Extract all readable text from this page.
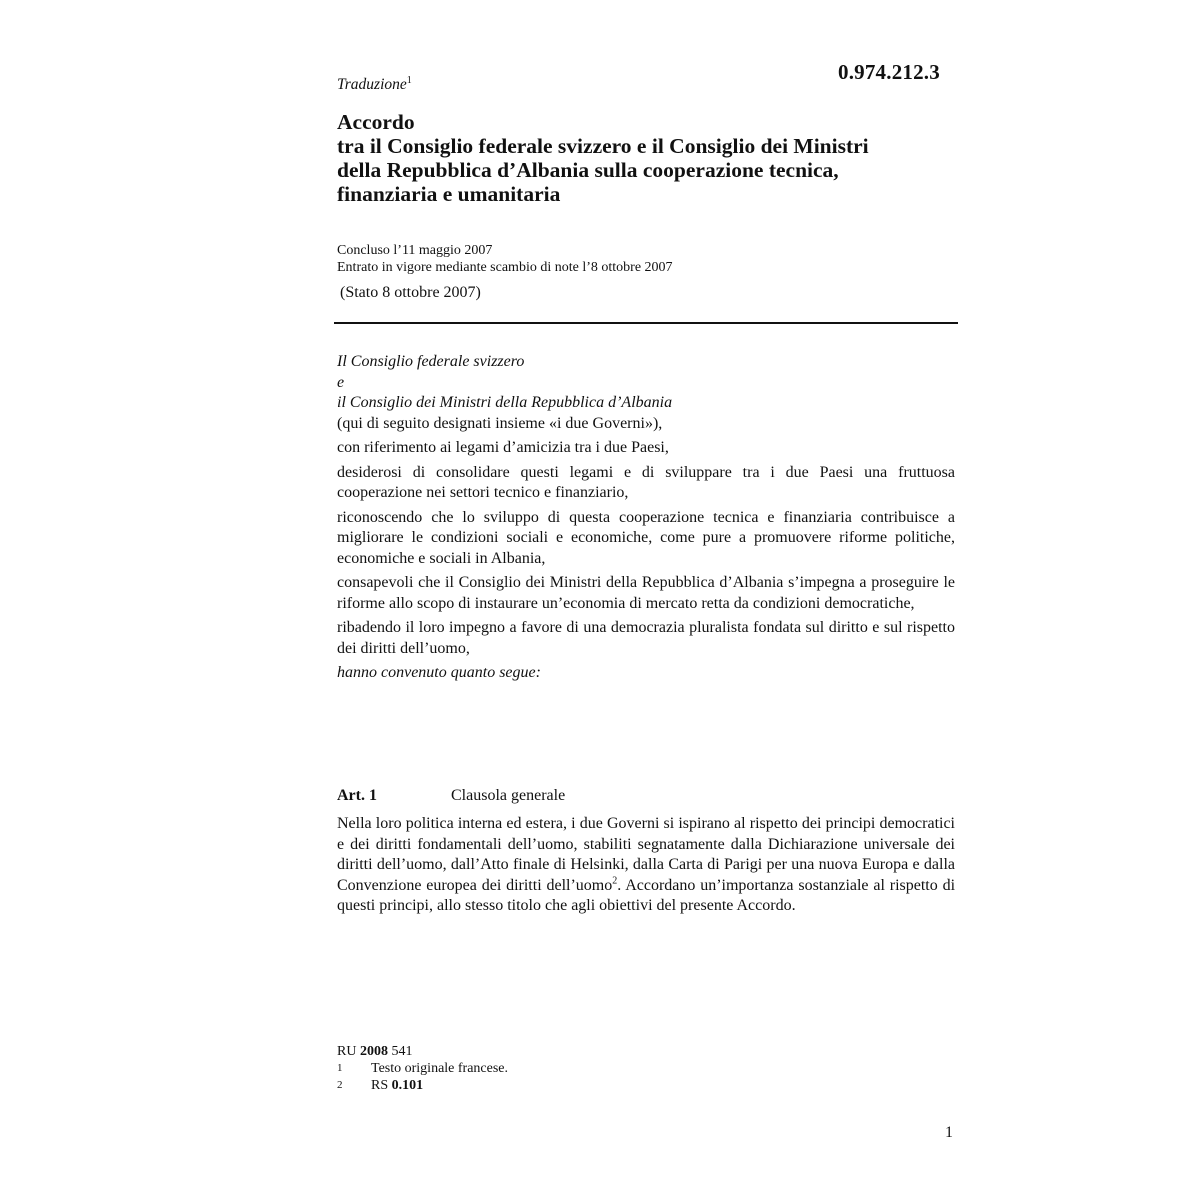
0.974.212.3
Traduzione$^1$
Accordo
tra il Consiglio federale svizzero e il Consiglio dei Ministri
della Repubblica d’Albania sulla cooperazione tecnica,
finanziaria e umanitaria
Concluso l’11 maggio 2007
Entrato in vigore mediante scambio di note l’8 ottobre 2007
(Stato 8 ottobre 2007)
Il Consiglio federale svizzero
e
il Consiglio dei Ministri della Repubblica d’Albania
(qui di seguito designati insieme «i due Governi»),
con riferimento ai legami d’amicizia tra i due Paesi,
desiderosi di consolidare questi legami e di sviluppare tra i due Paesi una fruttuosa cooperazione nei settori tecnico e finanziario,
riconoscendo che lo sviluppo di questa cooperazione tecnica e finanziaria contribuisce a migliorare le condizioni sociali e economiche, come pure a promuovere riforme politiche, economiche e sociali in Albania,
consapevoli che il Consiglio dei Ministri della Repubblica d’Albania s’impegna a proseguire le riforme allo scopo di instaurare un’economia di mercato retta da condizioni democratiche,
ribadendo il loro impegno a favore di una democrazia pluralista fondata sul diritto e sul rispetto dei diritti dell’uomo,
hanno convenuto quanto segue:
Art. 1	Clausola generale
Nella loro politica interna ed estera, i due Governi si ispirano al rispetto dei principi democratici e dei diritti fondamentali dell’uomo, stabiliti segnatamente dalla Dichiarazione universale dei diritti dell’uomo, dall’Atto finale di Helsinki, dalla Carta di Parigi per una nuova Europa e dalla Convenzione europea dei diritti dell’uomo$^2$. Accordano un’importanza sostanziale al rispetto di questi principi, allo stesso titolo che agli obiettivi del presente Accordo.
RU 2008 541
1	Testo originale francese.
2	RS 0.101
1
